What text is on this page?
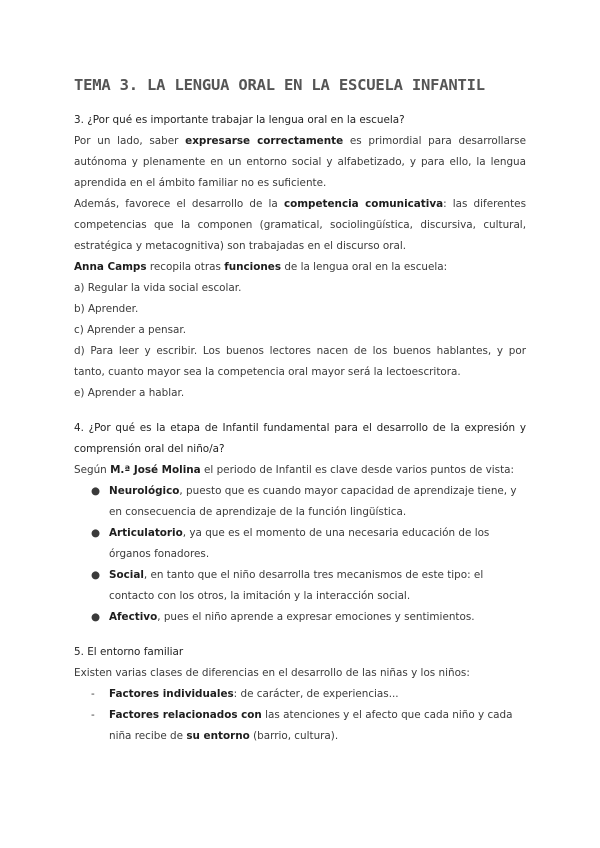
TEMA 3. LA LENGUA ORAL EN LA ESCUELA INFANTIL
3. ¿Por qué es importante trabajar la lengua oral en la escuela?

Por un lado, saber expresarse correctamente es primordial para desarrollarse autónoma y plenamente en un entorno social y alfabetizado, y para ello, la lengua aprendida en el ámbito familiar no es suficiente.

Además, favorece el desarrollo de la competencia comunicativa: las diferentes competencias que la componen (gramatical, sociolingüística, discursiva, cultural, estratégica y metacognitiva) son trabajadas en el discurso oral.

Anna Camps recopila otras funciones de la lengua oral en la escuela:

a) Regular la vida social escolar.

b) Aprender.

c) Aprender a pensar.

d) Para leer y escribir. Los buenos lectores nacen de los buenos hablantes, y por tanto, cuanto mayor sea la competencia oral mayor será la lectoescritora.

e) Aprender a hablar.

4. ¿Por qué es la etapa de Infantil fundamental para el desarrollo de la expresión y comprensión oral del niño/a?

Según M.ª José Molina el periodo de Infantil es clave desde varios puntos de vista:

● Neurológico, puesto que es cuando mayor capacidad de aprendizaje tiene, y en consecuencia de aprendizaje de la función lingüística.
● Articulatorio, ya que es el momento de una necesaria educación de los órganos fonadores.
● Social, en tanto que el niño desarrolla tres mecanismos de este tipo: el contacto con los otros, la imitación y la interacción social.
● Afectivo, pues el niño aprende a expresar emociones y sentimientos.
5. El entorno familiar

Existen varias clases de diferencias en el desarrollo de las niñas y los niños:

- Factores individuales: de carácter, de experiencias...
- Factores relacionados con las atenciones y el afecto que cada niño y cada niña recibe de su entorno (barrio, cultura).
